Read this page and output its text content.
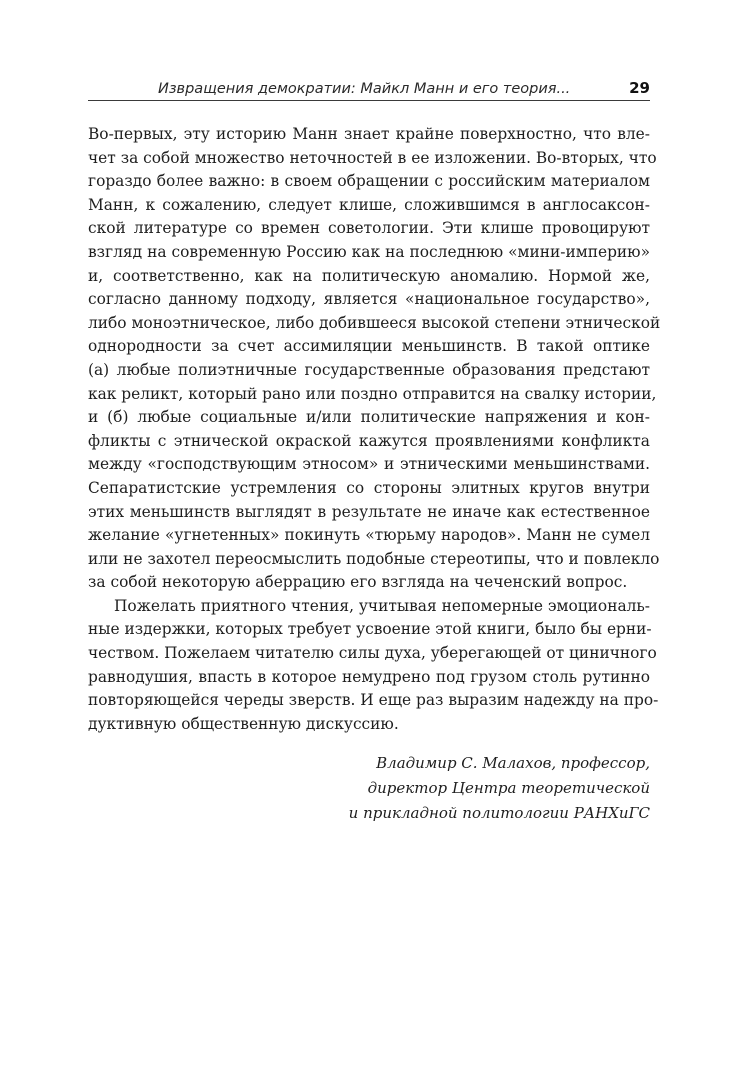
Извращения демократии: Майкл Манн и его теория...	29
Во-первых, эту историю Манн знает крайне поверхностно, что вле-
чет за собой множество неточностей в ее изложении. Во-вторых, что
гораздо более важно: в своем обращении с российским материалом
Манн, к сожалению, следует клише, сложившимся в англосаксон-
ской литературе со времен советологии. Эти клише провоцируют
взгляд на современную Россию как на последнюю «мини-империю»
и, соответственно, как на политическую аномалию. Нормой же,
согласно данному подходу, является «национальное государство»,
либо моноэтническое, либо добившееся высокой степени этнической
однородности за счет ассимиляции меньшинств. В такой оптике
(а) любые полиэтничные государственные образования предстают
как реликт, который рано или поздно отправится на свалку истории,
и (б) любые социальные и/или политические напряжения и кон-
фликты с этнической окраской кажутся проявлениями конфликта
между «господствующим этносом» и этническими меньшинствами.
Сепаратистские устремления со стороны элитных кругов внутри
этих меньшинств выглядят в результате не иначе как естественное
желание «угнетенных» покинуть «тюрьму народов». Манн не сумел
или не захотел переосмыслить подобные стереотипы, что и повлекло
за собой некоторую аберрацию его взгляда на чеченский вопрос.
Пожелать приятного чтения, учитывая непомерные эмоциональ-
ные издержки, которых требует усвоение этой книги, было бы ерни-
чеством. Пожелаем читателю силы духа, уберегающей от циничного
равнодушия, впасть в которое немудрено под грузом столь рутинно
повторяющейся череды зверств. И еще раз выразим надежду на про-
дуктивную общественную дискуссию.
Владимир С. Малахов, профессор,
директор Центра теоретической
и прикладной политологии РАНХиГС
